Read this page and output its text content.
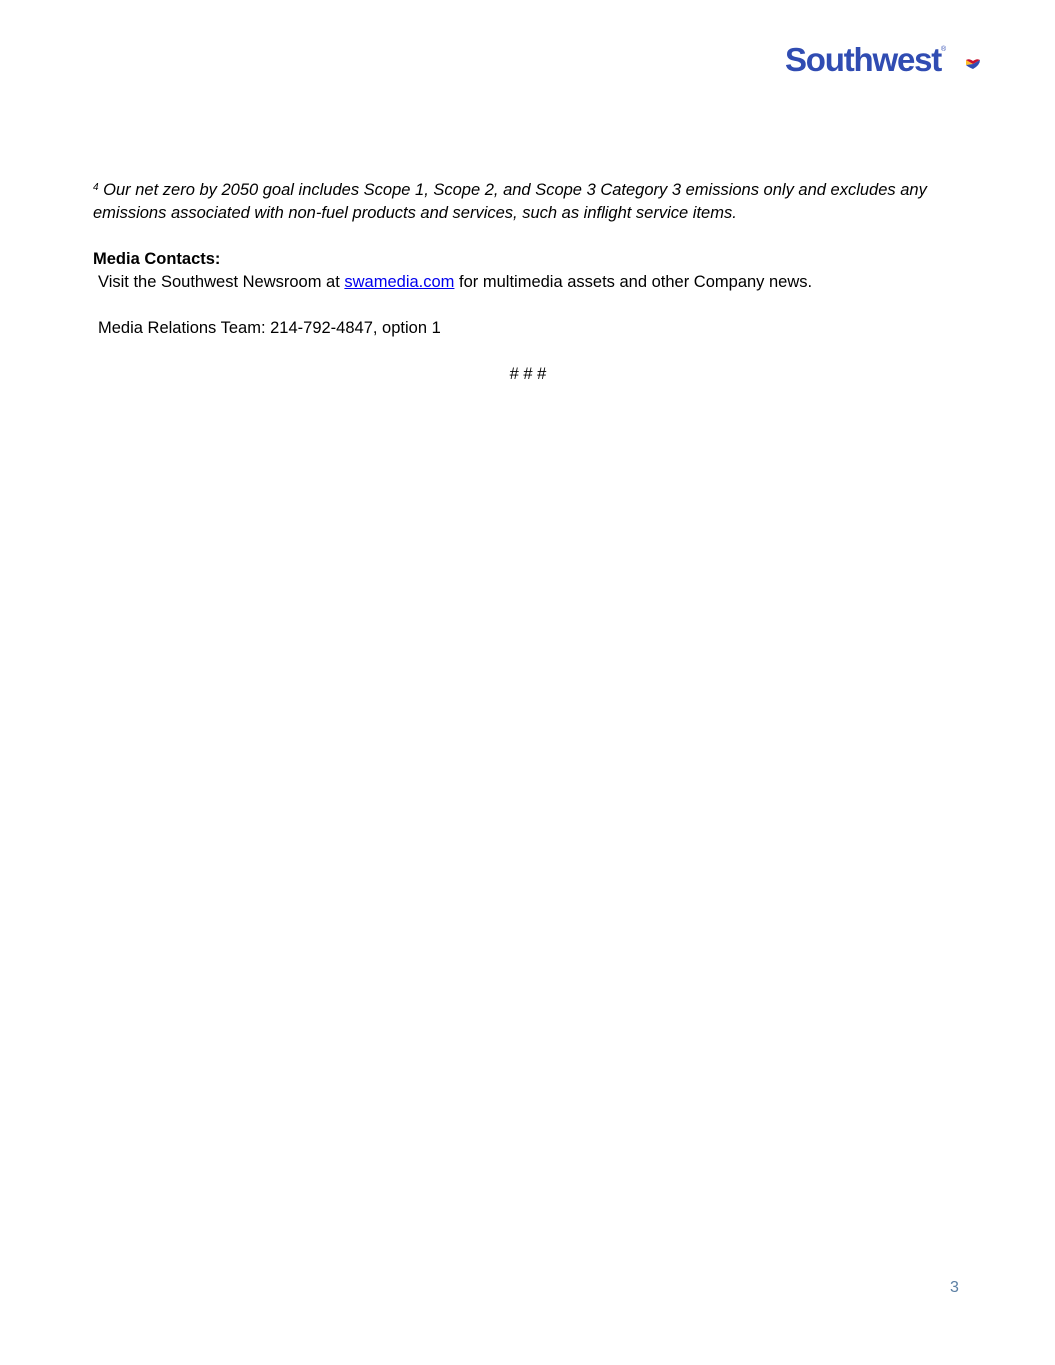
Southwest ®

$^4$ Our net zero by 2050 goal includes Scope 1, Scope 2, and Scope 3 Category 3 emissions only and excludes any emissions associated with non-fuel products and services, such as inflight service items.

Media Contacts:

Visit the Southwest Newsroom at swamedia.com for multimedia assets and other Company news.

Media Relations Team: 214-792-4847, option 1

# # #

3
